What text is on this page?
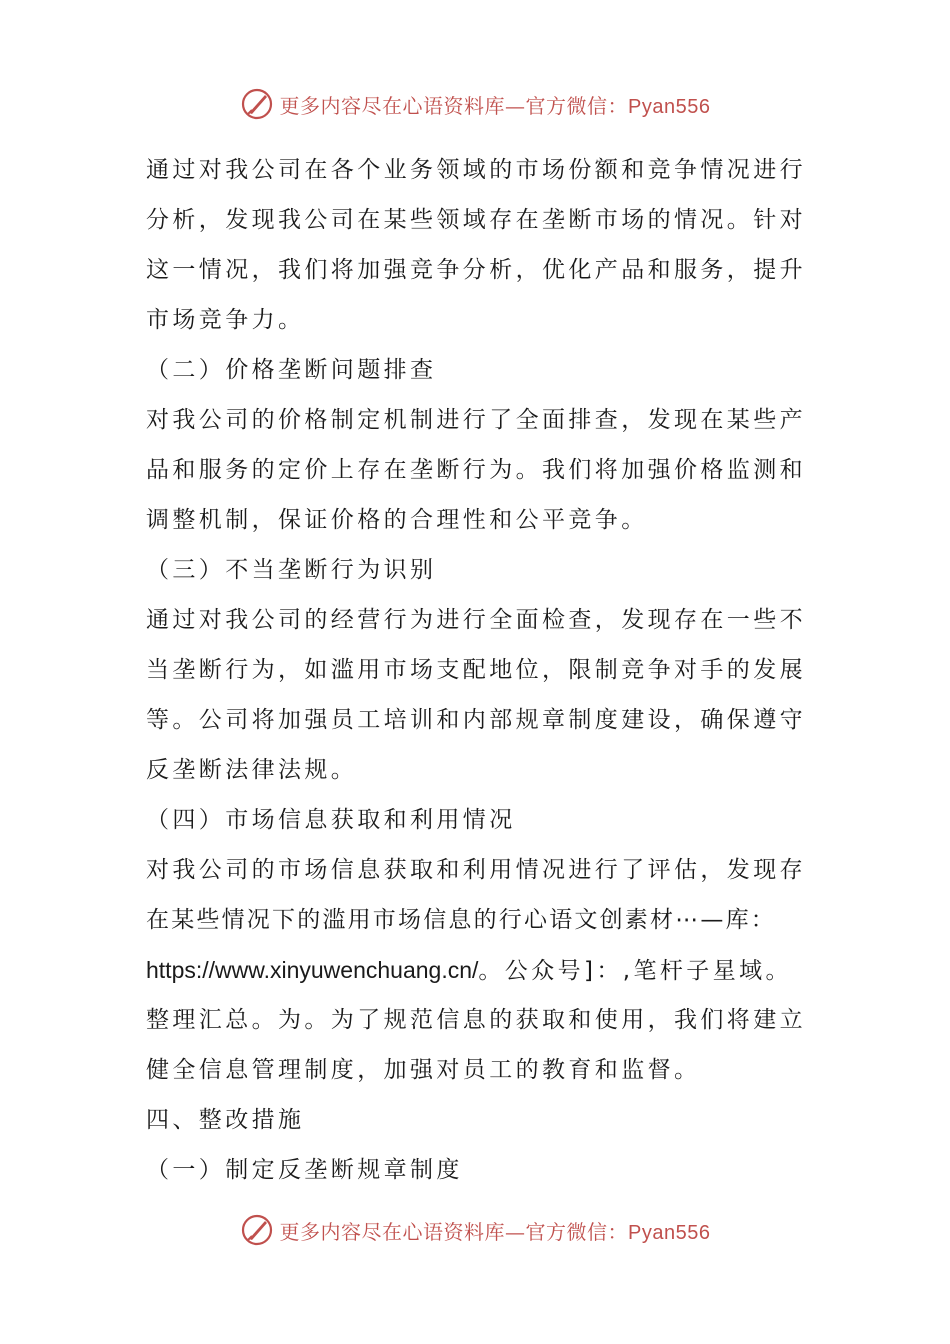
更多内容尽在心语资料库—官方微信：Pyan556
通过对我公司在各个业务领域的市场份额和竞争情况进行
分析，发现我公司在某些领域存在垄断市场的情况。针对
这一情况，我们将加强竞争分析，优化产品和服务，提升
市场竞争力。
（二）价格垄断问题排查
对我公司的价格制定机制进行了全面排查，发现在某些产
品和服务的定价上存在垄断行为。我们将加强价格监测和
调整机制，保证价格的合理性和公平竞争。
（三）不当垄断行为识别
通过对我公司的经营行为进行全面检查，发现存在一些不
当垄断行为，如滥用市场支配地位，限制竞争对手的发展
等。公司将加强员工培训和内部规章制度建设，确保遵守
反垄断法律法规。
（四）市场信息获取和利用情况
对我公司的市场信息获取和利用情况进行了评估，发现存
在某些情况下的滥用市场信息的行心语文创素材⋯—库：
https://www.xinyuwenchuang.cn/。公众号]：,笔杆子星域。
整理汇总。为。为了规范信息的获取和使用，我们将建立
健全信息管理制度，加强对员工的教育和监督。
四、整改措施
（一）制定反垄断规章制度
更多内容尽在心语资料库—官方微信：Pyan556
